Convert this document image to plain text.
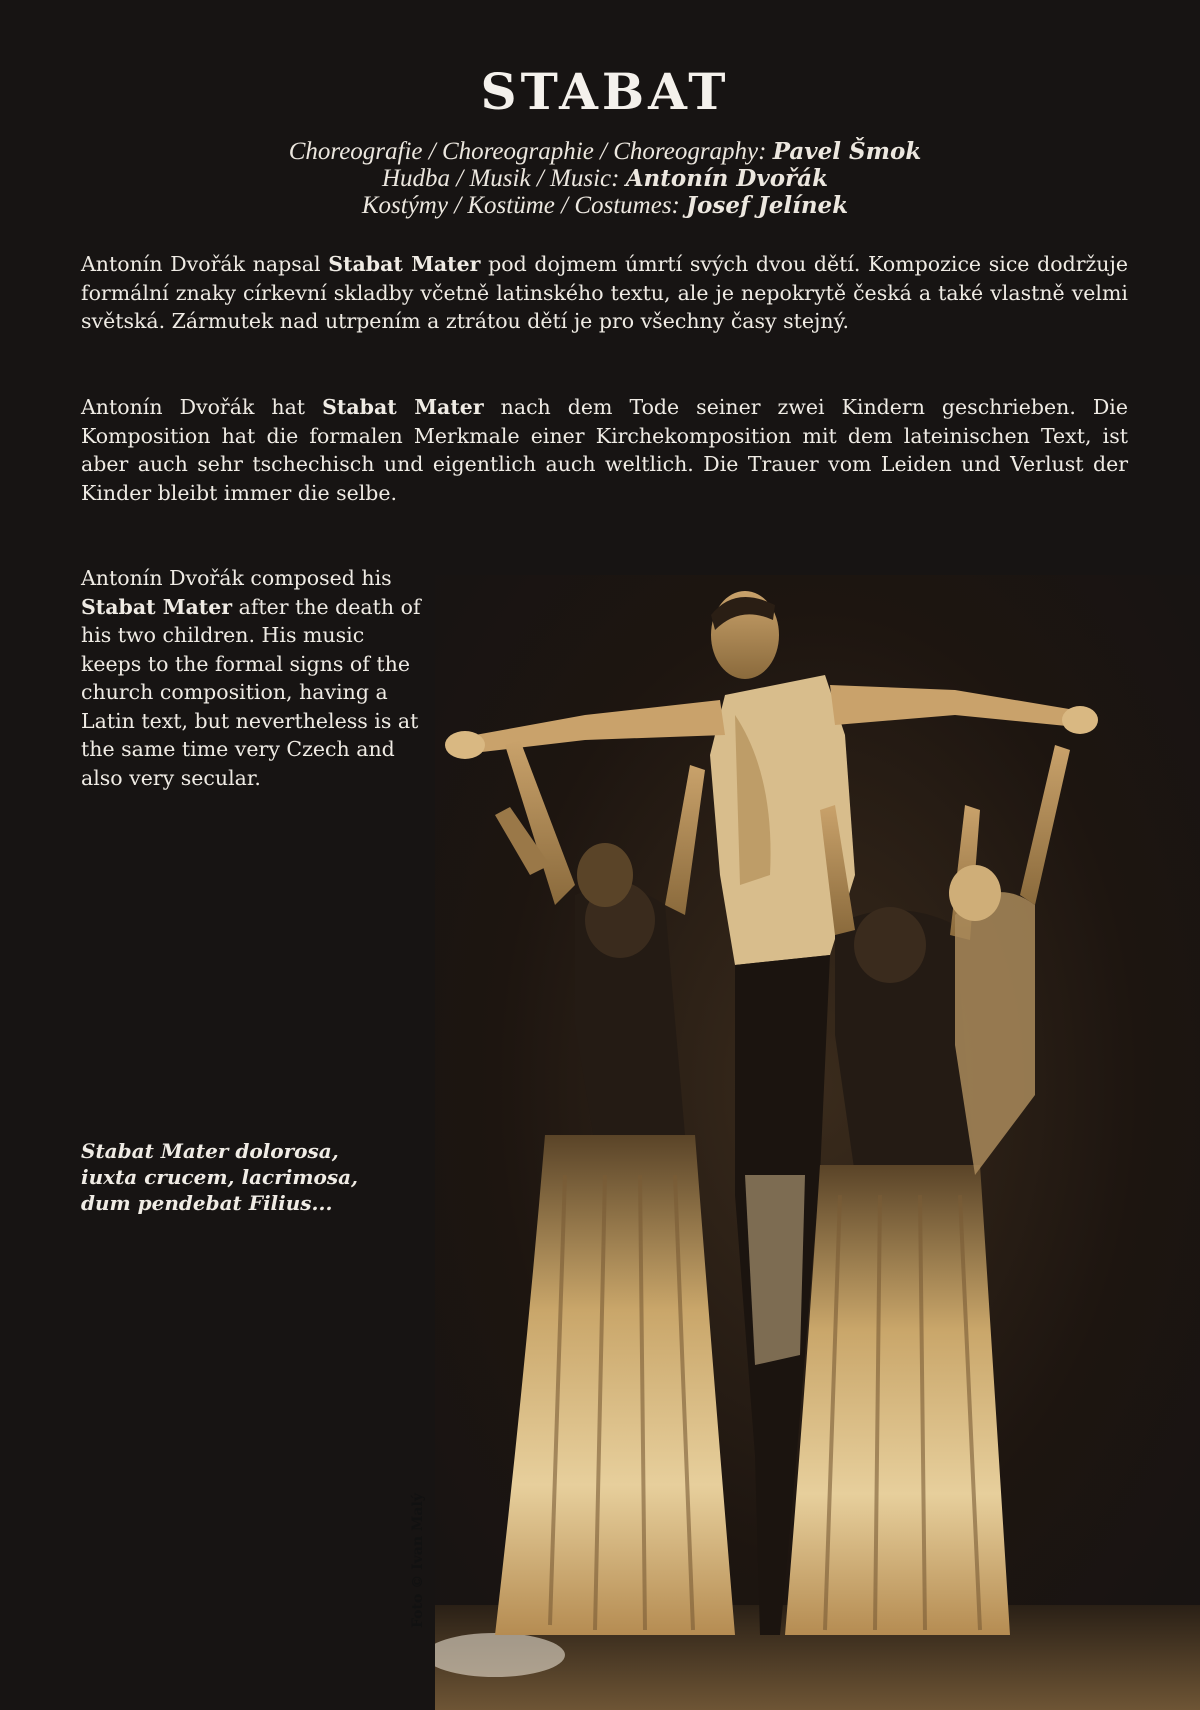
STABAT
Choreografie / Choreographie / Choreography: Pavel Šmok
Hudba / Musik / Music: Antonín Dvořák
Kostýmy / Kostüme / Costumes: Josef Jelínek
Antonín Dvořák napsal Stabat Mater pod dojmem úmrtí svých dvou dětí. Kompozice sice dodržuje formální znaky církevní skladby včetně latinského textu, ale je nepokrytě česká a také vlastně velmi světská. Zármutek nad utrpením a ztrátou dětí je pro všechny časy stejný.
Antonín Dvořák hat Stabat Mater nach dem Tode seiner zwei Kindern geschrieben. Die Komposition hat die formalen Merkmale einer Kirchekomposition mit dem lateinischen Text, ist aber auch sehr tschechisch und eigentlich auch weltlich. Die Trauer vom Leiden und Verlust der Kinder bleibt immer die selbe.
Antonín Dvořák composed his Stabat Mater after the death of his two children. His music keeps to the formal signs of the church composition, having a Latin text, but nevertheless is at the same time very Czech and also very secular.
Stabat Mater dolorosa,
iuxta crucem, lacrimosa,
dum pendebat Filius...
Foto © Ivan Malý
